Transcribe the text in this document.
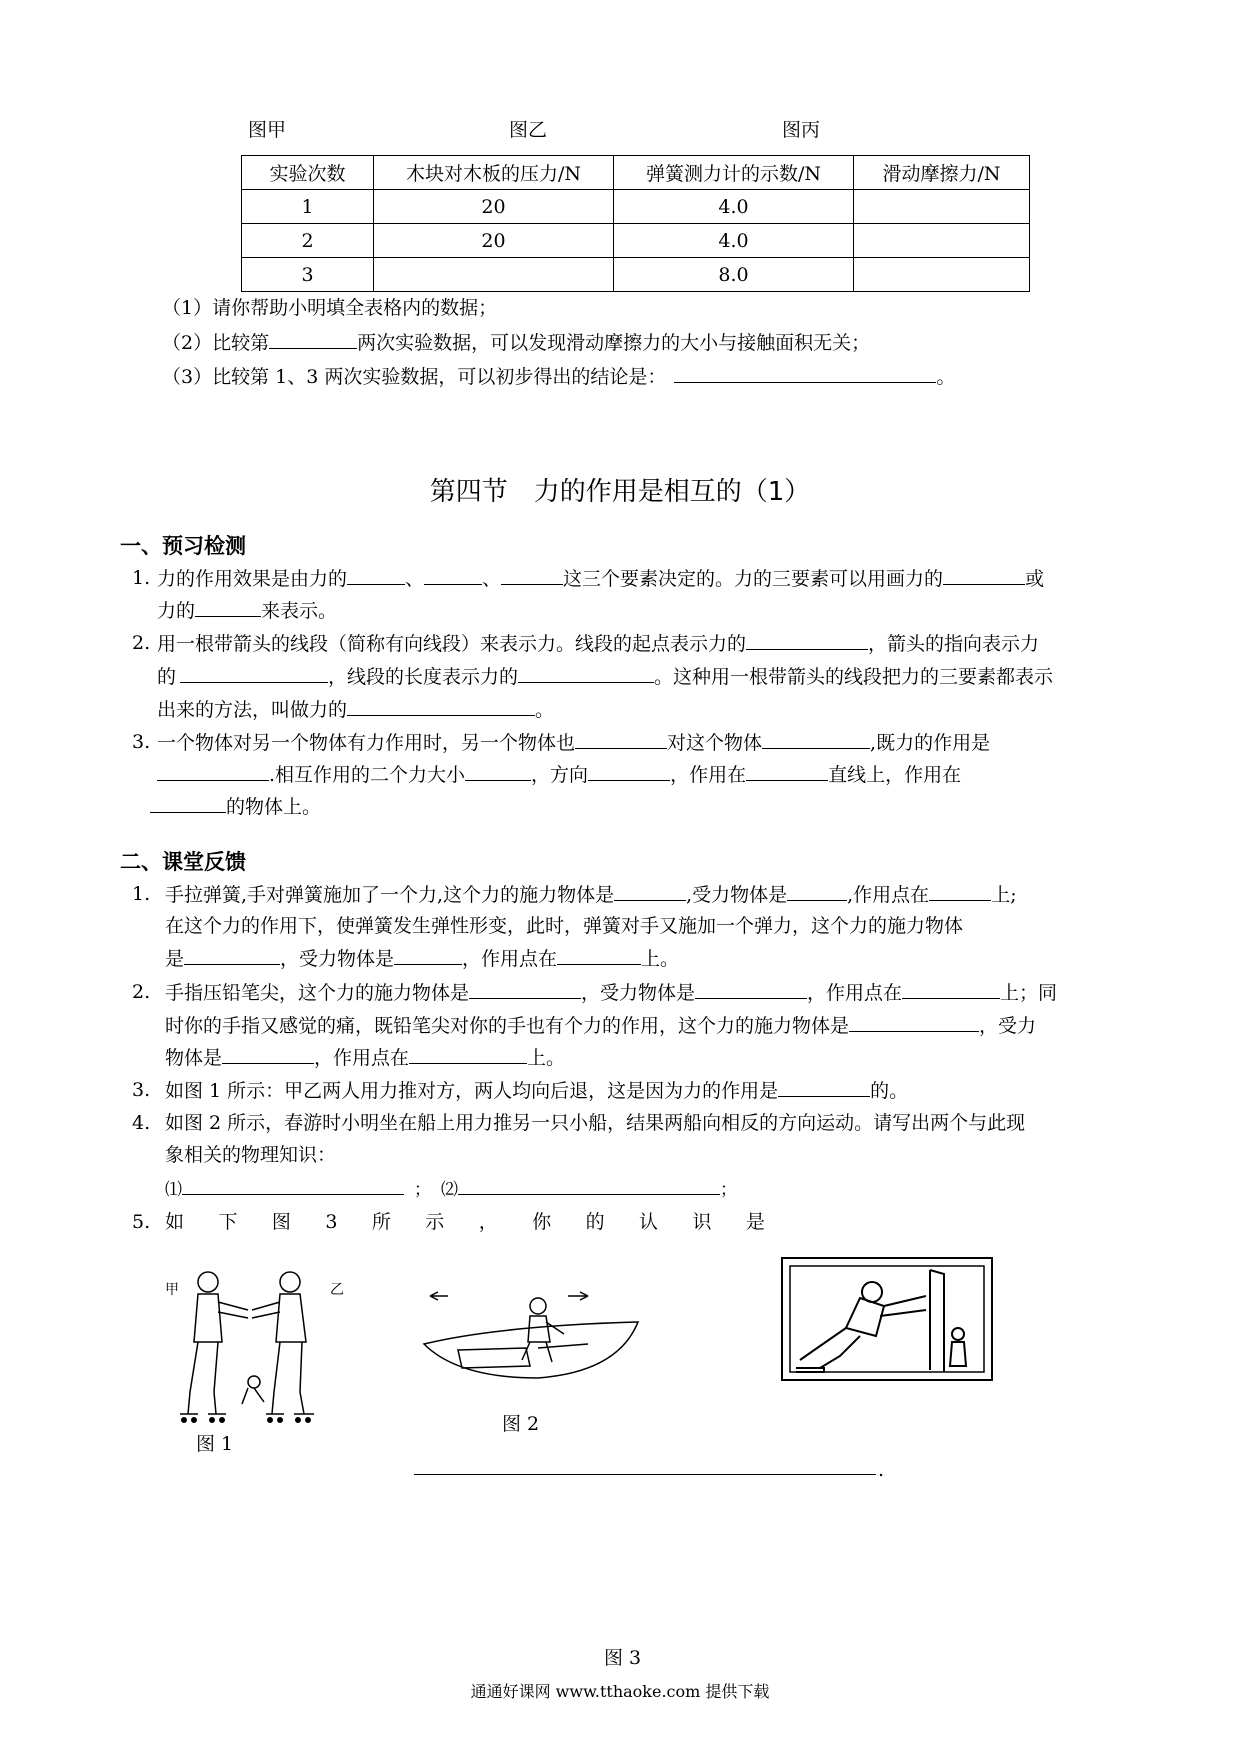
图甲	图乙	图丙
实验次数	木块对木板的压力/N	弹簧测力计的示数/N	滑动摩擦力/N
1	20	4.0	
2	20	4.0	
3		8.0	
（1）请你帮助小明填全表格内的数据；
（2）比较第	两次实验数据，可以发现滑动摩擦力的大小与接触面积无关；
（3）比较第 1、3 两次实验数据，可以初步得出的结论是：	。
第四节　力的作用是相互的（1）
一、预习检测
1. 力的作用效果是由力的	、	、	这三个要素决定的。力的三要素可以用画力的	或
力的	来表示。
2. 用一根带箭头的线段（简称有向线段）来表示力。线段的起点表示力的	，箭头的指向表示力
的	，线段的长度表示力的	。这种用一根带箭头的线段把力的三要素都表示
出来的方法，叫做力的	。
3. 一个物体对另一个物体有力作用时，另一个物体也	对这个物体	,既力的作用是
.相互作用的二个力大小	，方向	，作用在	直线上，作用在
的物体上。
二、课堂反馈
1. 手拉弹簧,手对弹簧施加了一个力,这个力的施力物体是	,受力物体是	,作用点在	上;
在这个力的作用下，使弹簧发生弹性形变，此时，弹簧对手又施加一个弹力，这个力的施力物体
是	，受力物体是	，作用点在	上。
2. 手指压铅笔尖，这个力的施力物体是	，受力物体是	，作用点在	上；同
时你的手指又感觉的痛，既铅笔尖对你的手也有个力的作用，这个力的施力物体是	，受力
物体是	，作用点在	上。
3. 如图 1 所示：甲乙两人用力推对方，两人均向后退，这是因为力的作用是	的。
4. 如图 2 所示，春游时小明坐在船上用力推另一只小船，结果两船向相反的方向运动。请写出两个与此现
象相关的物理知识：
⑴	； ⑵	；
5. 如 下 图 3 所 示 ， 你 的 认 识 是
甲	乙
图 1
图 2
.
图 3
通通好课网 www.tthaoke.com 提供下载
